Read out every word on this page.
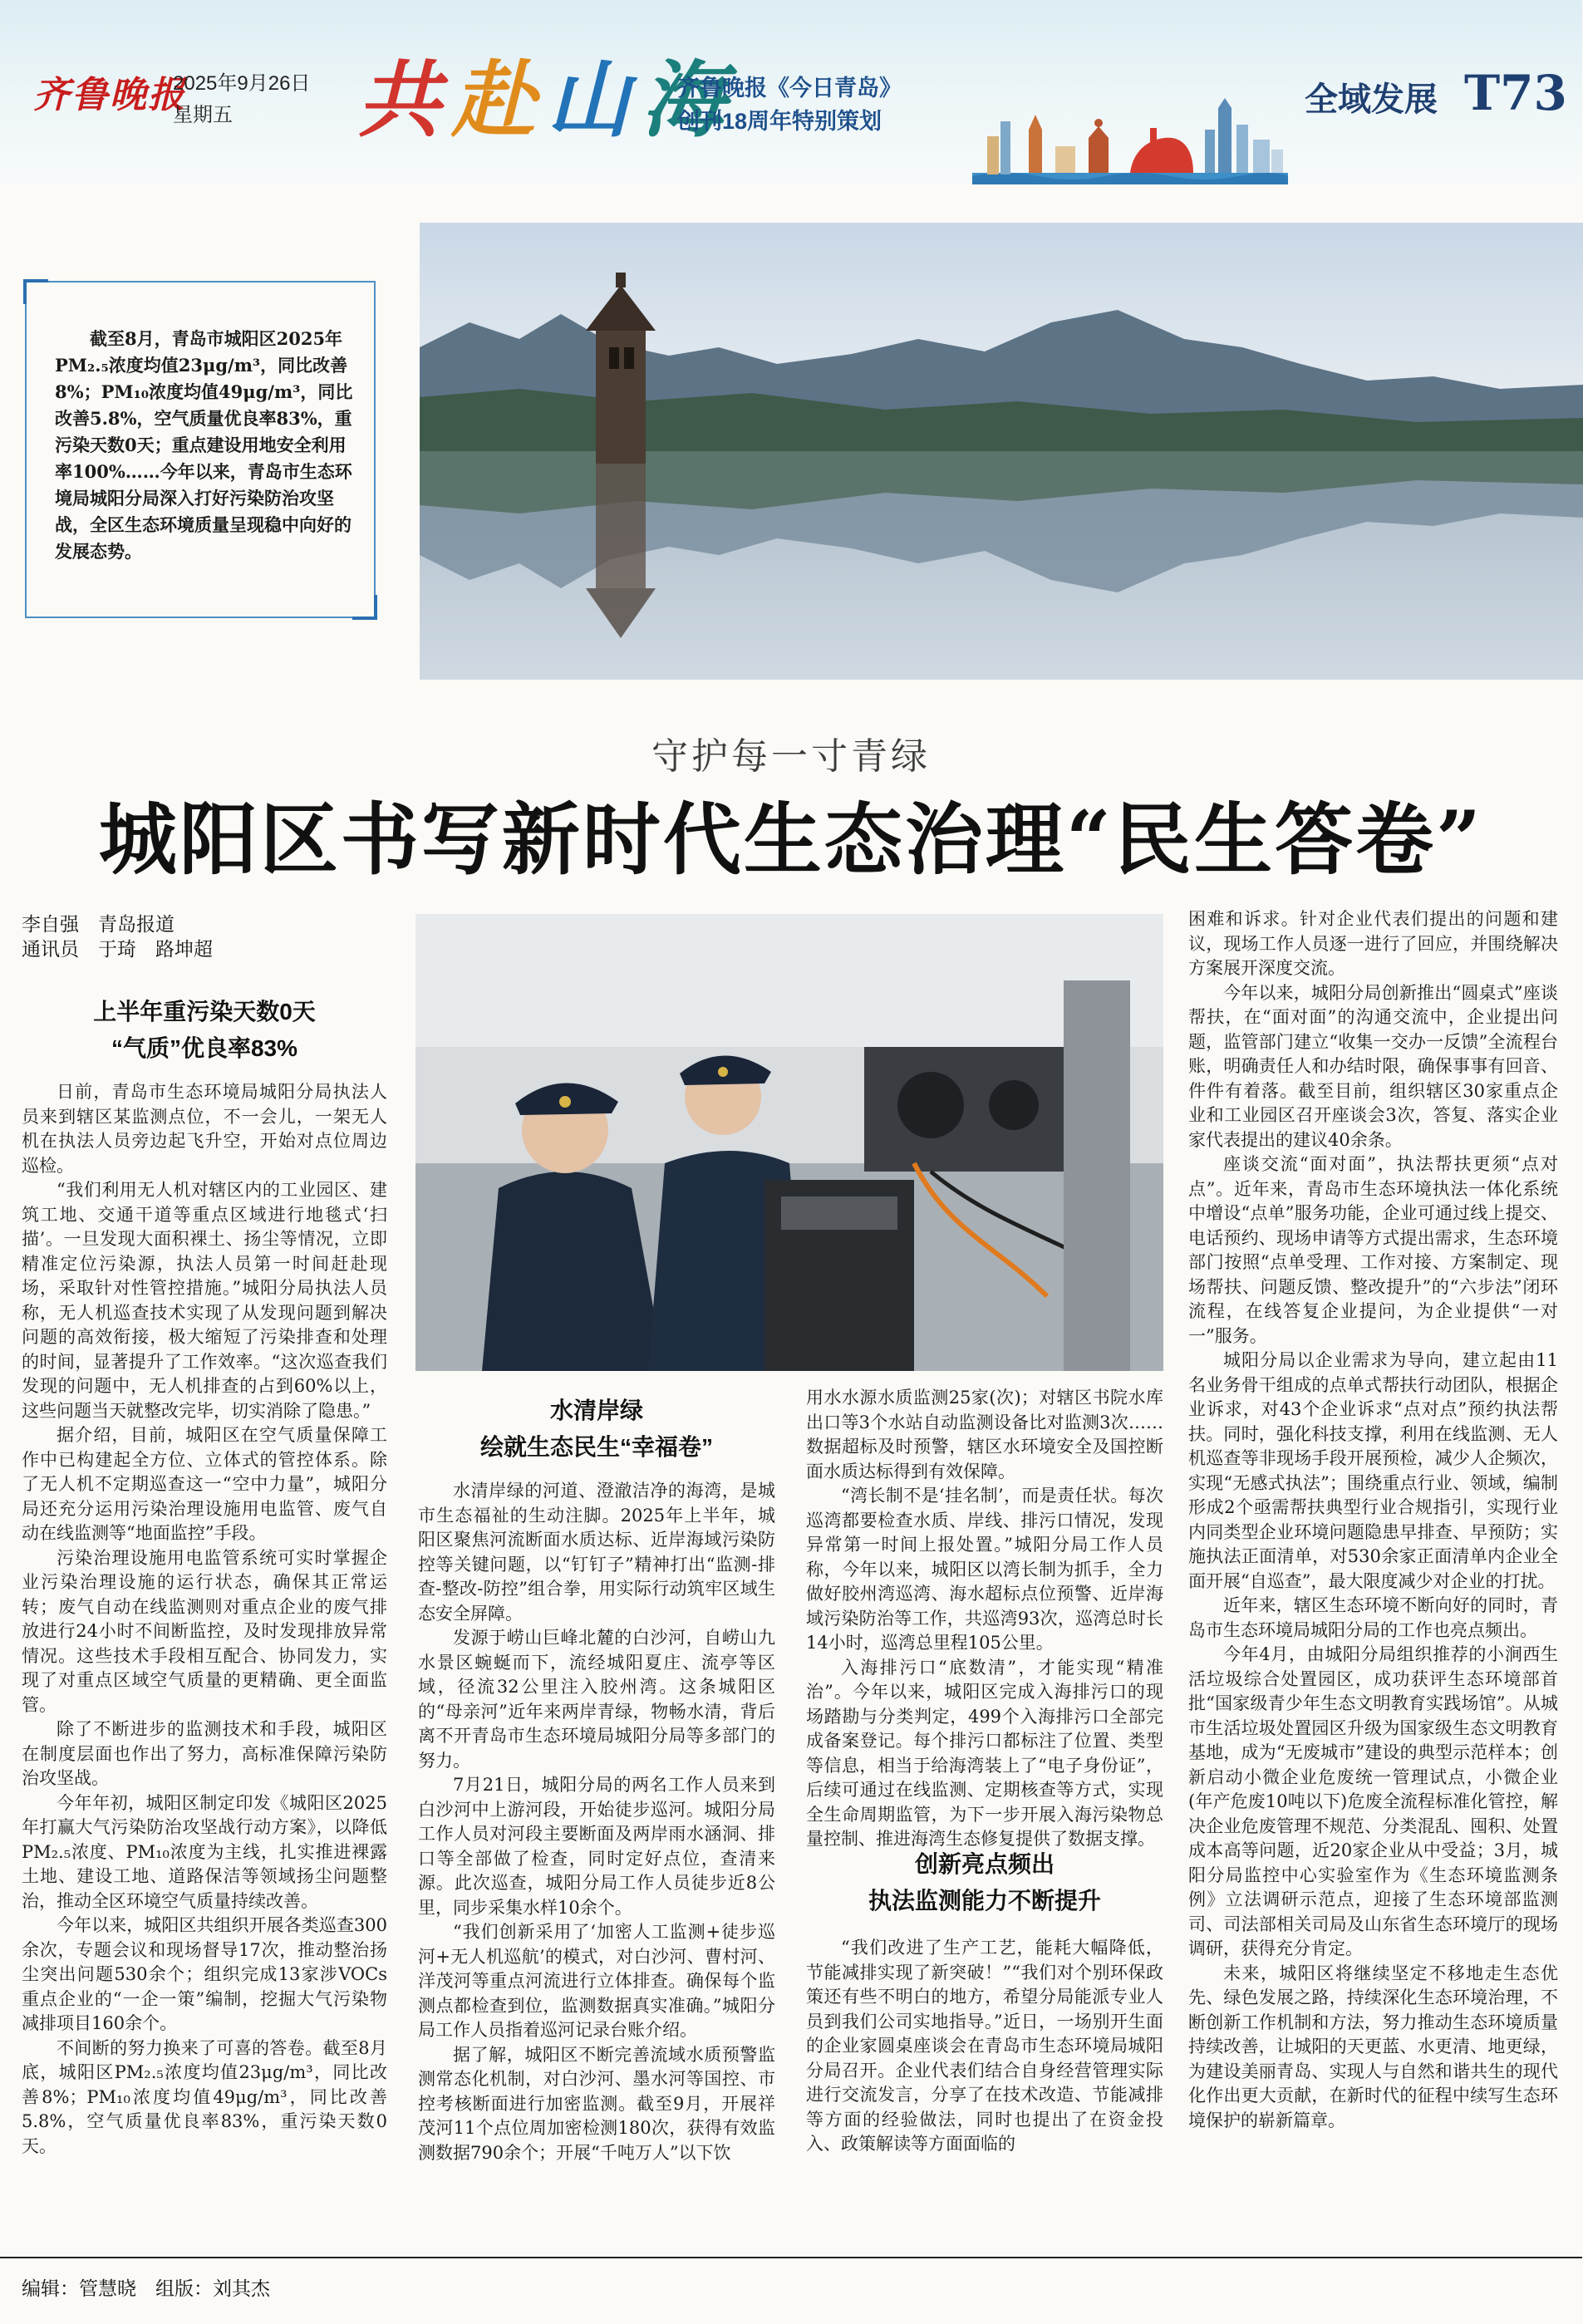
齐鲁晚报
2025年9月26日
星期五 共赴山海
齐鲁晚报《今日青岛》
创刊18周年特别策划
全域发展 T73
截至8月，青岛市城阳区2025年PM₂.₅浓度均值23μg/m³，同比改善8%；PM₁₀浓度均值49μg/m³，同比改善5.8%，空气质量优良率83%，重污染天数0天；重点建设用地安全利用率100%……今年以来，青岛市生态环境局城阳分局深入打好污染防治攻坚战，全区生态环境质量呈现稳中向好的发展态势。
守护每一寸青绿
城阳区书写新时代生态治理“民生答卷”
李自强　青岛报道
通讯员　于琦　路坤超
上半年重污染天数0天
“气质”优良率83%

日前，青岛市生态环境局城阳分局执法人员来到辖区某监测点位，不一会儿，一架无人机在执法人员旁边起飞升空，开始对点位周边巡检。

“我们利用无人机对辖区内的工业园区、建筑工地、交通干道等重点区域进行地毯式‘扫描’。一旦发现大面积裸土、扬尘等情况，立即精准定位污染源，执法人员第一时间赶赴现场，采取针对性管控措施。”城阳分局执法人员称，无人机巡查技术实现了从发现问题到解决问题的高效衔接，极大缩短了污染排查和处理的时间，显著提升了工作效率。“这次巡查我们发现的问题中，无人机排查的占到60%以上，这些问题当天就整改完毕，切实消除了隐患。”

据介绍，目前，城阳区在空气质量保障工作中已构建起全方位、立体式的管控体系。除了无人机不定期巡查这一“空中力量”，城阳分局还充分运用污染治理设施用电监管、废气自动在线监测等“地面监控”手段。

污染治理设施用电监管系统可实时掌握企业污染治理设施的运行状态，确保其正常运转；废气自动在线监测则对重点企业的废气排放进行24小时不间断监控，及时发现排放异常情况。这些技术手段相互配合、协同发力，实现了对重点区域空气质量的更精确、更全面监管。

除了不断进步的监测技术和手段，城阳区在制度层面也作出了努力，高标准保障污染防治攻坚战。

今年年初，城阳区制定印发《城阳区2025年打赢大气污染防治攻坚战行动方案》，以降低PM₂.₅浓度、PM₁₀浓度为主线，扎实推进裸露土地、建设工地、道路保洁等领域扬尘问题整治，推动全区环境空气质量持续改善。

今年以来，城阳区共组织开展各类巡查300余次，专题会议和现场督导17次，推动整治扬尘突出问题530余个；组织完成13家涉VOCs重点企业的“一企一策”编制，挖掘大气污染物减排项目160余个。

不间断的努力换来了可喜的答卷。截至8月底，城阳区PM₂.₅浓度均值23μg/m³，同比改善8%；PM₁₀浓度均值49μg/m³，同比改善5.8%，空气质量优良率83%，重污染天数0天。

水清岸绿
绘就生态民生“幸福卷”

水清岸绿的河道、澄澈洁净的海湾，是城市生态福祉的生动注脚。2025年上半年，城阳区聚焦河流断面水质达标、近岸海域污染防控等关键问题，以“钉钉子”精神打出“监测-排查-整改-防控”组合拳，用实际行动筑牢区域生态安全屏障。

发源于崂山巨峰北麓的白沙河，自崂山九水景区蜿蜒而下，流经城阳夏庄、流亭等区域，径流32公里注入胶州湾。这条城阳区的“母亲河”近年来两岸青绿，物畅水清，背后离不开青岛市生态环境局城阳分局等多部门的努力。

7月21日，城阳分局的两名工作人员来到白沙河中上游河段，开始徒步巡河。城阳分局工作人员对河段主要断面及两岸雨水涵洞、排口等全部做了检查，同时定好点位，查清来源。此次巡查，城阳分局工作人员徒步近8公里，同步采集水样10余个。

“我们创新采用了‘加密人工监测+徒步巡河+无人机巡航’的模式，对白沙河、曹村河、洋茂河等重点河流进行立体排查。确保每个监测点都检查到位，监测数据真实准确。”城阳分局工作人员指着巡河记录台账介绍。

据了解，城阳区不断完善流域水质预警监测常态化机制，对白沙河、墨水河等国控、市控考核断面进行加密监测。截至9月，开展祥茂河11个点位周加密检测180次，获得有效监测数据790余个；开展“千吨万人”以下饮

用水水源水质监测25家(次)；对辖区书院水库出口等3个水站自动监测设备比对监测3次……数据超标及时预警，辖区水环境安全及国控断面水质达标得到有效保障。

“湾长制不是‘挂名制’，而是责任状。每次巡湾都要检查水质、岸线、排污口情况，发现异常第一时间上报处置。”城阳分局工作人员称，今年以来，城阳区以湾长制为抓手，全力做好胶州湾巡湾、海水超标点位预警、近岸海域污染防治等工作，共巡湾93次，巡湾总时长14小时，巡湾总里程105公里。

入海排污口“底数清”，才能实现“精准治”。今年以来，城阳区完成入海排污口的现场踏勘与分类判定，499个入海排污口全部完成备案登记。每个排污口都标注了位置、类型等信息，相当于给海湾装上了“电子身份证”，后续可通过在线监测、定期核查等方式，实现全生命周期监管，为下一步开展入海污染物总量控制、推进海湾生态修复提供了数据支撑。

创新亮点频出
执法监测能力不断提升

“我们改进了生产工艺，能耗大幅降低，节能减排实现了新突破！”“我们对个别环保政策还有些不明白的地方，希望分局能派专业人员到我们公司实地指导。”近日，一场别开生面的企业家圆桌座谈会在青岛市生态环境局城阳分局召开。企业代表们结合自身经营管理实际进行交流发言，分享了在技术改造、节能减排等方面的经验做法，同时也提出了在资金投入、政策解读等方面面临的

困难和诉求。针对企业代表们提出的问题和建议，现场工作人员逐一进行了回应，并围绕解决方案展开深度交流。

今年以来，城阳分局创新推出“圆桌式”座谈帮扶，在“面对面”的沟通交流中，企业提出问题，监管部门建立“收集一交办一反馈”全流程台账，明确责任人和办结时限，确保事事有回音、件件有着落。截至目前，组织辖区30家重点企业和工业园区召开座谈会3次，答复、落实企业家代表提出的建议40余条。

座谈交流“面对面”，执法帮扶更须“点对点”。近年来，青岛市生态环境执法一体化系统中增设“点单”服务功能，企业可通过线上提交、电话预约、现场申请等方式提出需求，生态环境部门按照“点单受理、工作对接、方案制定、现场帮扶、问题反馈、整改提升”的“六步法”闭环流程，在线答复企业提问，为企业提供“一对一”服务。

城阳分局以企业需求为导向，建立起由11名业务骨干组成的点单式帮扶行动团队，根据企业诉求，对43个企业诉求“点对点”预约执法帮扶。同时，强化科技支撑，利用在线监测、无人机巡查等非现场手段开展预检，减少人企频次，实现“无感式执法”；围绕重点行业、领域，编制形成2个亟需帮扶典型行业合规指引，实现行业内同类型企业环境问题隐患早排查、早预防；实施执法正面清单，对530余家正面清单内企业全面开展“自巡查”，最大限度减少对企业的打扰。

近年来，辖区生态环境不断向好的同时，青岛市生态环境局城阳分局的工作也亮点频出。

今年4月，由城阳分局组织推荐的小涧西生活垃圾综合处置园区，成功获评生态环境部首批“国家级青少年生态文明教育实践场馆”。从城市生活垃圾处置园区升级为国家级生态文明教育基地，成为“无废城市”建设的典型示范样本；创新启动小微企业危废统一管理试点，小微企业(年产危废10吨以下)危废全流程标准化管控，解决企业危废管理不规范、分类混乱、囤积、处置成本高等问题，近20家企业从中受益；3月，城阳分局监控中心实验室作为《生态环境监测条例》立法调研示范点，迎接了生态环境部监测司、司法部相关司局及山东省生态环境厅的现场调研，获得充分肯定。

未来，城阳区将继续坚定不移地走生态优先、绿色发展之路，持续深化生态环境治理，不断创新工作机制和方法，努力推动生态环境质量持续改善，让城阳的天更蓝、水更清、地更绿，为建设美丽青岛、实现人与自然和谐共生的现代化作出更大贡献，在新时代的征程中续写生态环境保护的崭新篇章。

编辑：管慧晓　组版：刘其杰
